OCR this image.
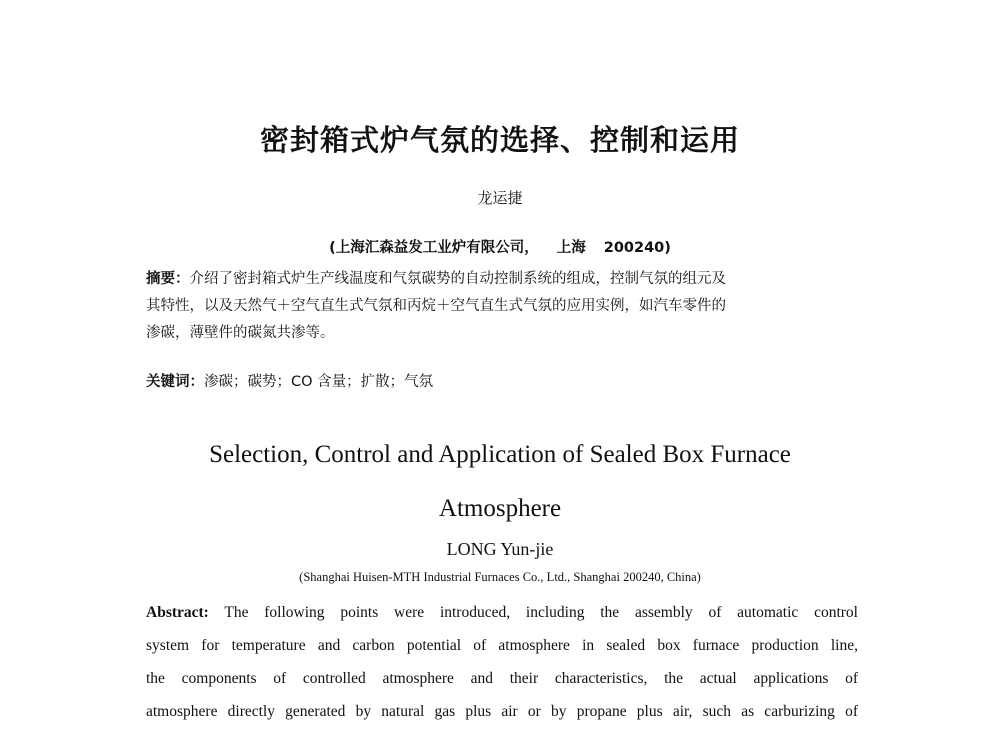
密封箱式炉气氛的选择、控制和运用
龙运捷
(上海汇森益发工业炉有限公司， 上海 200240)
摘要：介绍了密封箱式炉生产线温度和气氛碳势的自动控制系统的组成，控制气氛的组元及
其特性，以及天然气＋空气直生式气氛和丙烷＋空气直生式气氛的应用实例，如汽车零件的
渗碳，薄壁件的碳氮共渗等。
关键词：渗碳；碳势；CO 含量；扩散；气氛
Selection, Control and Application of Sealed Box Furnace
Atmosphere
LONG Yun-jie
(Shanghai Huisen-MTH Industrial Furnaces Co., Ltd., Shanghai 200240, China)
Abstract: The following points were introduced, including the assembly of automatic control
system for temperature and carbon potential of atmosphere in sealed box furnace production line,
the components of controlled atmosphere and their characteristics, the actual applications of
atmosphere directly generated by natural gas plus air or by propane plus air, such as carburizing of
